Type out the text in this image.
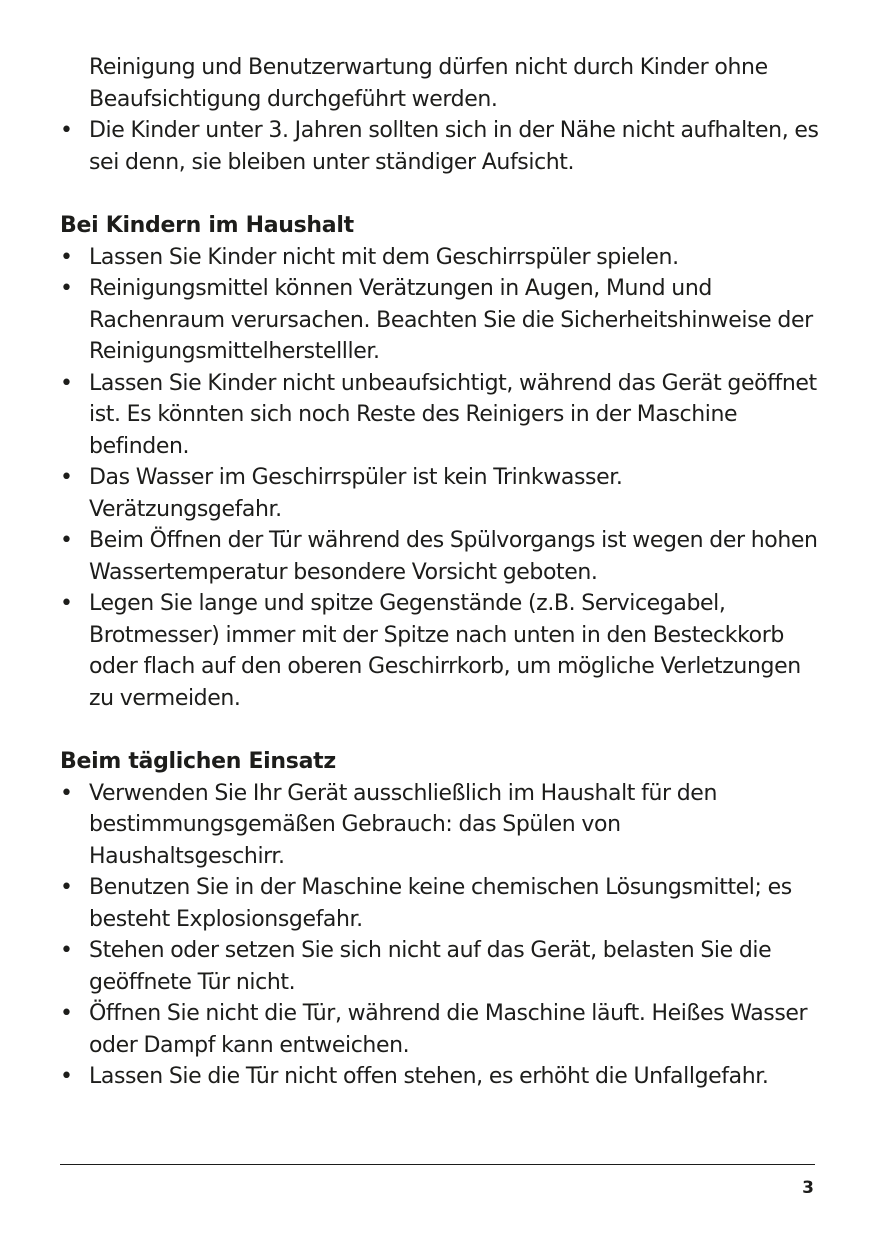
Reinigung und Benutzerwartung dürfen nicht durch Kinder ohne Beaufsichtigung durchgeführt werden.
• Die Kinder unter 3. Jahren sollten sich in der Nähe nicht aufhalten, es sei denn, sie bleiben unter ständiger Aufsicht.
Bei Kindern im Haushalt
• Lassen Sie Kinder nicht mit dem Geschirrspüler spielen.
• Reinigungsmittel können Verätzungen in Augen, Mund und Rachenraum verursachen. Beachten Sie die Sicherheitshinweise der Reinigungsmittelherstelller.
• Lassen Sie Kinder nicht unbeaufsichtigt, während das Gerät geöffnet ist. Es könnten sich noch Reste des Reinigers in der Maschine befinden.
• Das Wasser im Geschirrspüler ist kein Trinkwasser. Verätzungsgefahr.
• Beim Öffnen der Tür während des Spülvorgangs ist wegen der hohen Wassertemperatur besondere Vorsicht geboten.
• Legen Sie lange und spitze Gegenstände (z.B. Servicegabel, Brotmesser) immer mit der Spitze nach unten in den Besteckkorb oder flach auf den oberen Geschirrkorb, um mögliche Verletzungen zu vermeiden.
Beim täglichen Einsatz
• Verwenden Sie Ihr Gerät ausschließlich im Haushalt für den bestimmungsgemäßen Gebrauch: das Spülen von Haushaltsgeschirr.
• Benutzen Sie in der Maschine keine chemischen Lösungsmittel; es besteht Explosionsgefahr.
• Stehen oder setzen Sie sich nicht auf das Gerät, belasten Sie die geöffnete Tür nicht.
• Öffnen Sie nicht die Tür, während die Maschine läuft. Heißes Wasser oder Dampf kann entweichen.
• Lassen Sie die Tür nicht offen stehen, es erhöht die Unfallgefahr.
3
